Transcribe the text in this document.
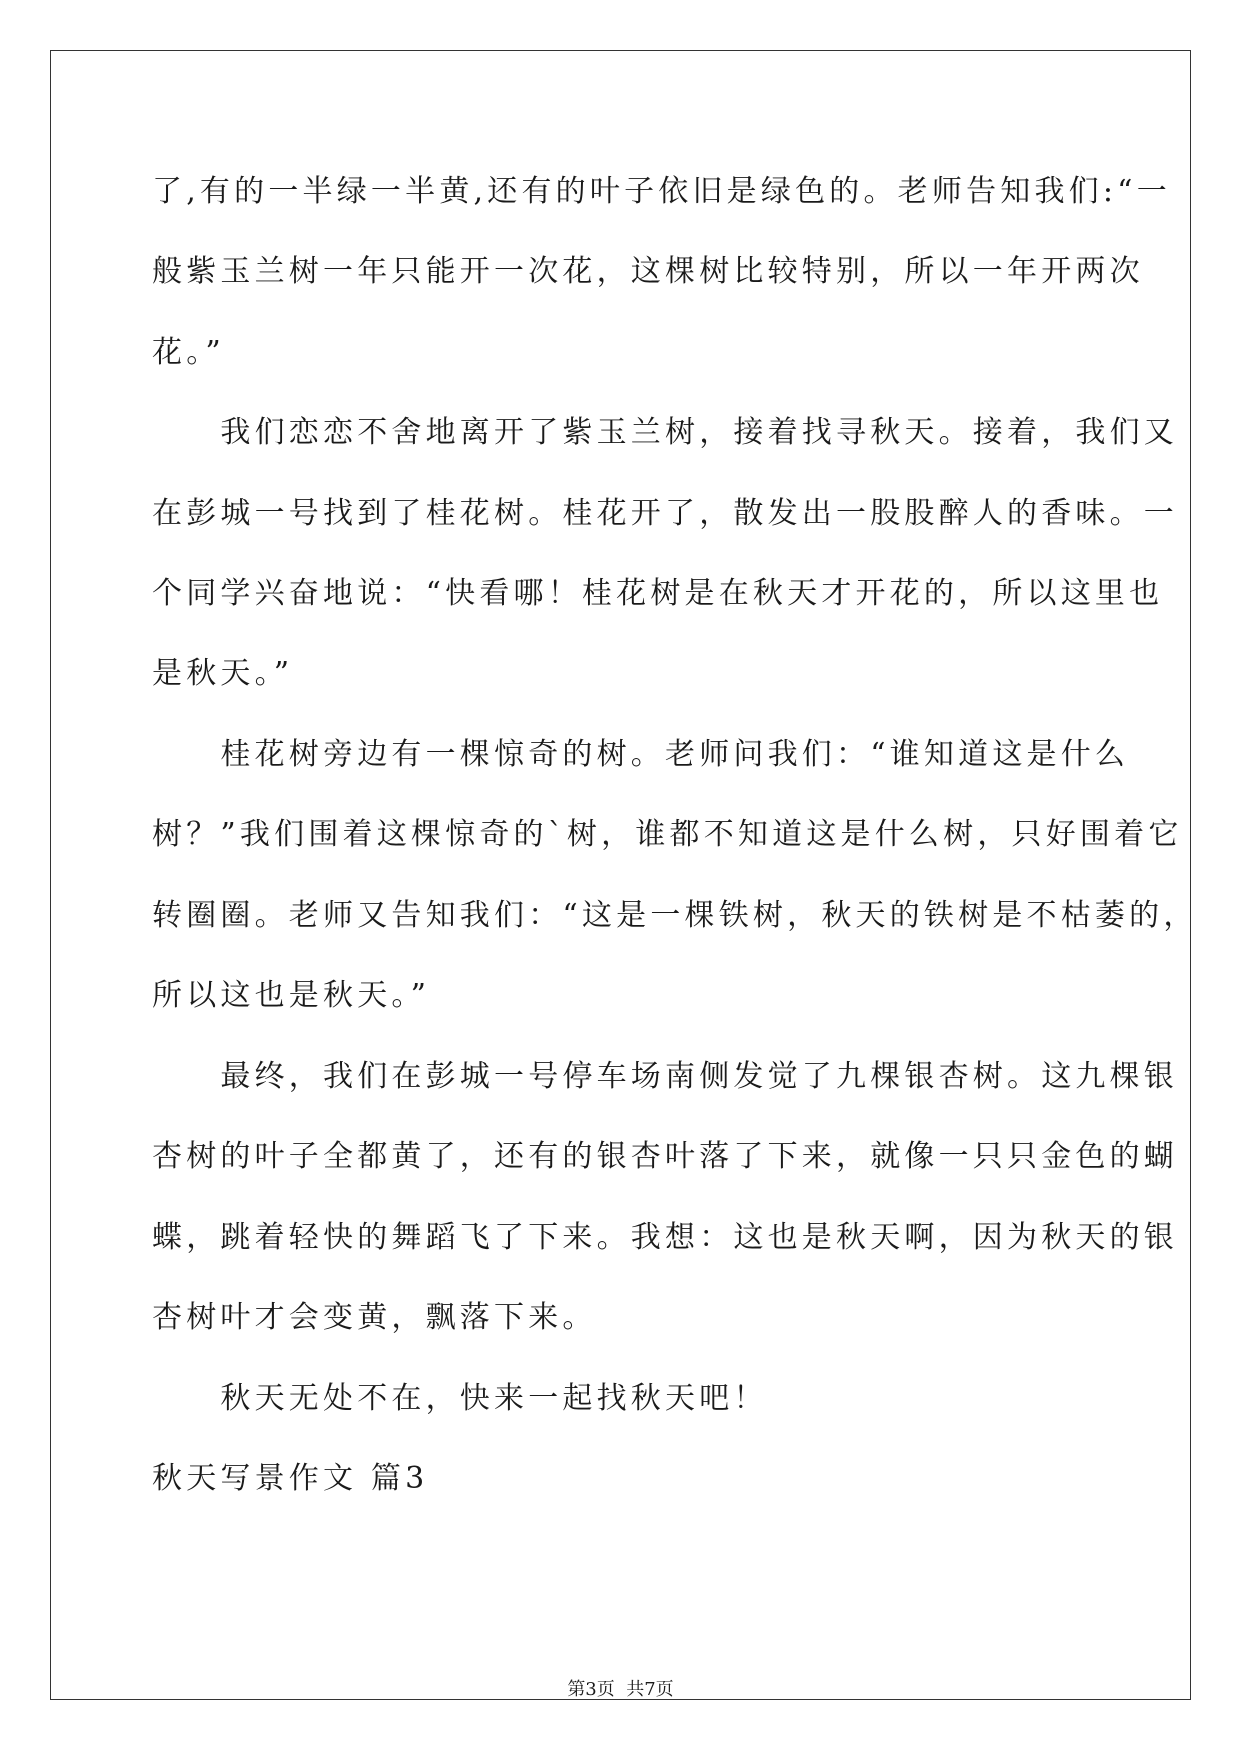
了,有的一半绿一半黄,还有的叶子依旧是绿色的。老师告知我们:“一
般紫玉兰树一年只能开一次花，这棵树比较特别，所以一年开两次
花。”
　　我们恋恋不舍地离开了紫玉兰树，接着找寻秋天。接着，我们又
在彭城一号找到了桂花树。桂花开了，散发出一股股醉人的香味。一
个同学兴奋地说：“快看哪！桂花树是在秋天才开花的，所以这里也
是秋天。”
　　桂花树旁边有一棵惊奇的树。老师问我们：“谁知道这是什么
树？”我们围着这棵惊奇的`树，谁都不知道这是什么树，只好围着它
转圈圈。老师又告知我们：“这是一棵铁树，秋天的铁树是不枯萎的，
所以这也是秋天。”
　　最终，我们在彭城一号停车场南侧发觉了九棵银杏树。这九棵银
杏树的叶子全都黄了，还有的银杏叶落了下来，就像一只只金色的蝴
蝶，跳着轻快的舞蹈飞了下来。我想：这也是秋天啊，因为秋天的银
杏树叶才会变黄，飘落下来。
　　秋天无处不在，快来一起找秋天吧！
秋天写景作文 篇3
第3页  共7页
